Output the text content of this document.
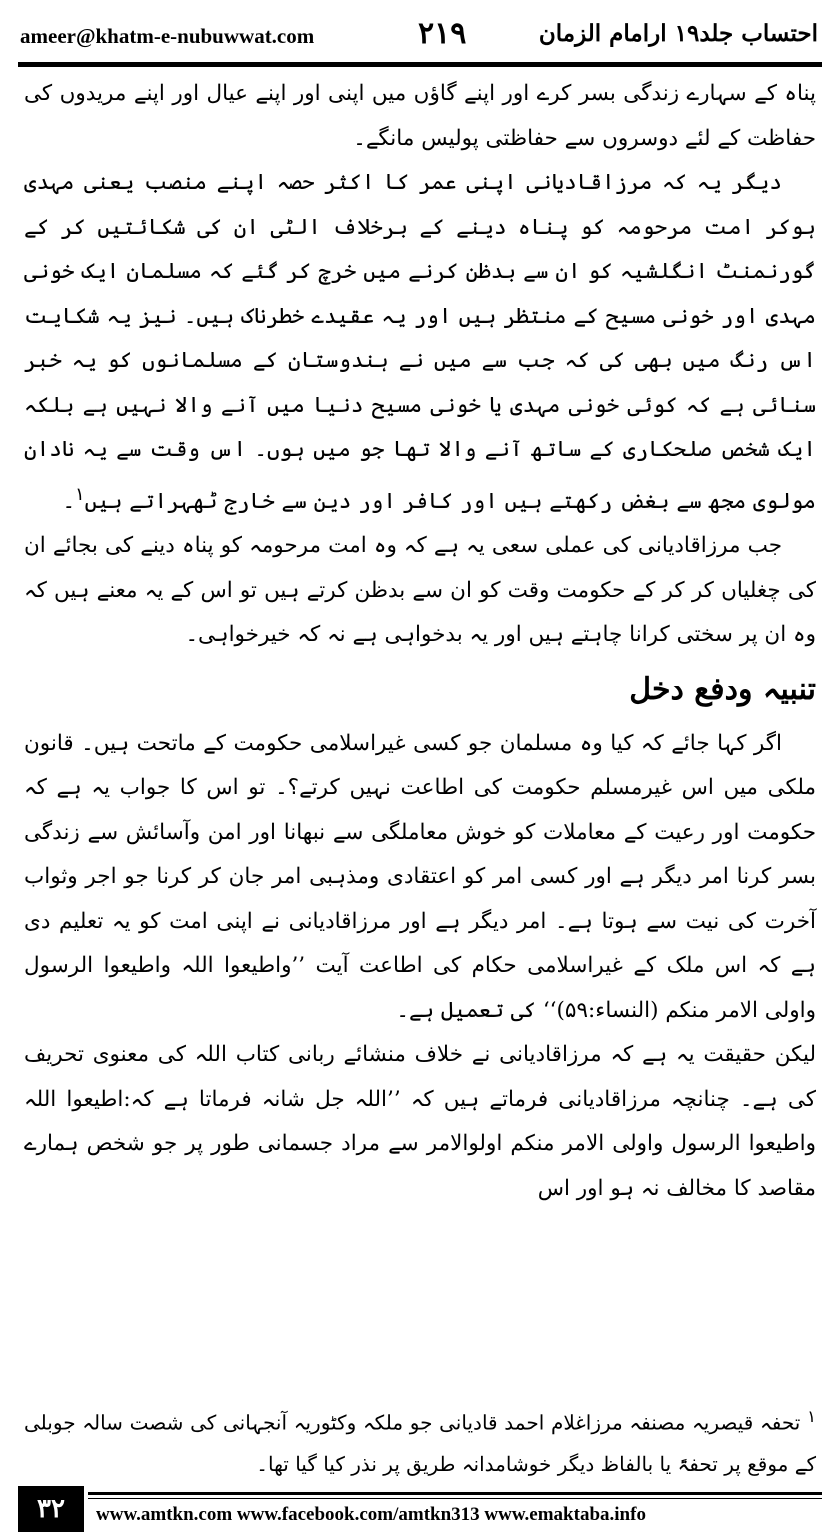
ameer@khatm-e-nubuwwat.com	۲۱۹	احتساب جلد۱۹ ارامام الزمان

پناہ کے سہارے زندگی بسر کرے اور اپنے گاؤں میں اپنی اور اپنے عیال اور اپنے مریدوں کی حفاظت کے لئے دوسروں سے حفاظتی پولیس مانگے۔

دیگر یہ کہ مرزاقادیانی اپنی عمر کا اکثر حصہ اپنے منصب یعنی مہدی ہوکر امت مرحومہ کو پناہ دینے کے برخلاف الٹی ان کی شکائتیں کر کے گورنمنٹ انگلشیہ کو ان سے بدظن کرنے میں خرچ کر گئے کہ مسلمان ایک خونی مہدی اور خونی مسیح کے منتظر ہیں اور یہ عقیدے خطرناک ہیں۔ نیز یہ شکایت اس رنگ میں بھی کی کہ جب سے میں نے ہندوستان کے مسلمانوں کو یہ خبر سنائی ہے کہ کوئی خونی مہدی یا خونی مسیح دنیا میں آنے والا نہیں ہے بلکہ ایک شخص صلحکاری کے ساتھ آنے والا تھا جو میں ہوں۔ اس وقت سے یہ نادان مولوی مجھ سے بغض رکھتے ہیں اور کافر اور دین سے خارج ٹھہراتے ہیں$^۱$۔

جب مرزاقادیانی کی عملی سعی یہ ہے کہ وہ امت مرحومہ کو پناہ دینے کی بجائے ان کی چغلیاں کر کر کے حکومت وقت کو ان سے بدظن کرتے ہیں تو اس کے یہ معنے ہیں کہ وہ ان پر سختی کرانا چاہتے ہیں اور یہ بدخواہی ہے نہ کہ خیرخواہی۔

تنبیہ ودفع دخل

اگر کہا جائے کہ کیا وہ مسلمان جو کسی غیراسلامی حکومت کے ماتحت ہیں۔ قانون ملکی میں اس غیرمسلم حکومت کی اطاعت نہیں کرتے؟۔ تو اس کا جواب یہ ہے کہ حکومت اور رعیت کے معاملات کو خوش معاملگی سے نبھانا اور امن وآسائش سے زندگی بسر کرنا امر دیگر ہے اور کسی امر کو اعتقادی ومذہبی امر جان کر کرنا جو اجر وثواب آخرت کی نیت سے ہوتا ہے۔ امر دیگر ہے اور مرزاقادیانی نے اپنی امت کو یہ تعلیم دی ہے کہ اس ملک کے غیراسلامی حکام کی اطاعت آیت ’’واطیعوا اللہ واطیعوا الرسول واولی الامر منکم (النساء:۵۹)‘‘ کی تعمیل ہے۔

لیکن حقیقت یہ ہے کہ مرزاقادیانی نے خلاف منشائے ربانی کتاب اللہ کی معنوی تحریف کی ہے۔ چنانچہ مرزاقادیانی فرماتے ہیں کہ ’’اللہ جل شانہ فرماتا ہے کہ:اطیعوا اللہ واطیعوا الرسول واولی الامر منکم اولوالامر سے مراد جسمانی طور پر جو شخص ہمارے مقاصد کا مخالف نہ ہو اور اس

$^۱$ تحفہ قیصریہ مصنفہ مرزاغلام احمد قادیانی جو ملکہ وکٹوریہ آنجہانی کی شصت سالہ جوبلی کے موقع پر تحفۃً یا بالفاظ دیگر خوشامدانہ طریق پر نذر کیا گیا تھا۔
۳۲	www.amtkn.com www.facebook.com/amtkn313 www.emaktaba.info
